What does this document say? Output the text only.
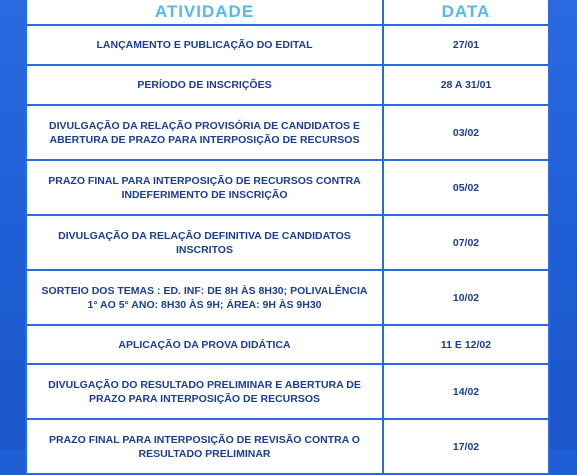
ATIVIDADE	DATA
LANÇAMENTO E PUBLICAÇÃO DO EDITAL	27/01
PERÍODO DE INSCRIÇÕES	28 A 31/01
DIVULGAÇÃO DA RELAÇÃO PROVISÓRIA DE CANDIDATOS E ABERTURA DE PRAZO PARA INTERPOSIÇÃO DE RECURSOS	03/02
PRAZO FINAL PARA INTERPOSIÇÃO DE RECURSOS CONTRA INDEFERIMENTO DE INSCRIÇÃO	05/02
DIVULGAÇÃO DA RELAÇÃO DEFINITIVA DE CANDIDATOS INSCRITOS	07/02
SORTEIO DOS TEMAS : ED. INF: DE 8H ÀS 8H30; POLIVALÊNCIA 1° AO 5° ANO: 8H30 ÀS 9H; ÁREA: 9H ÀS 9H30	10/02
APLICAÇÃO DA PROVA DIDÁTICA	11 E 12/02
DIVULGAÇÃO DO RESULTADO PRELIMINAR E ABERTURA DE PRAZO PARA INTERPOSIÇÃO DE RECURSOS	14/02
PRAZO FINAL PARA INTERPOSIÇÃO DE REVISÃO CONTRA O RESULTADO PRELIMINAR	17/02
